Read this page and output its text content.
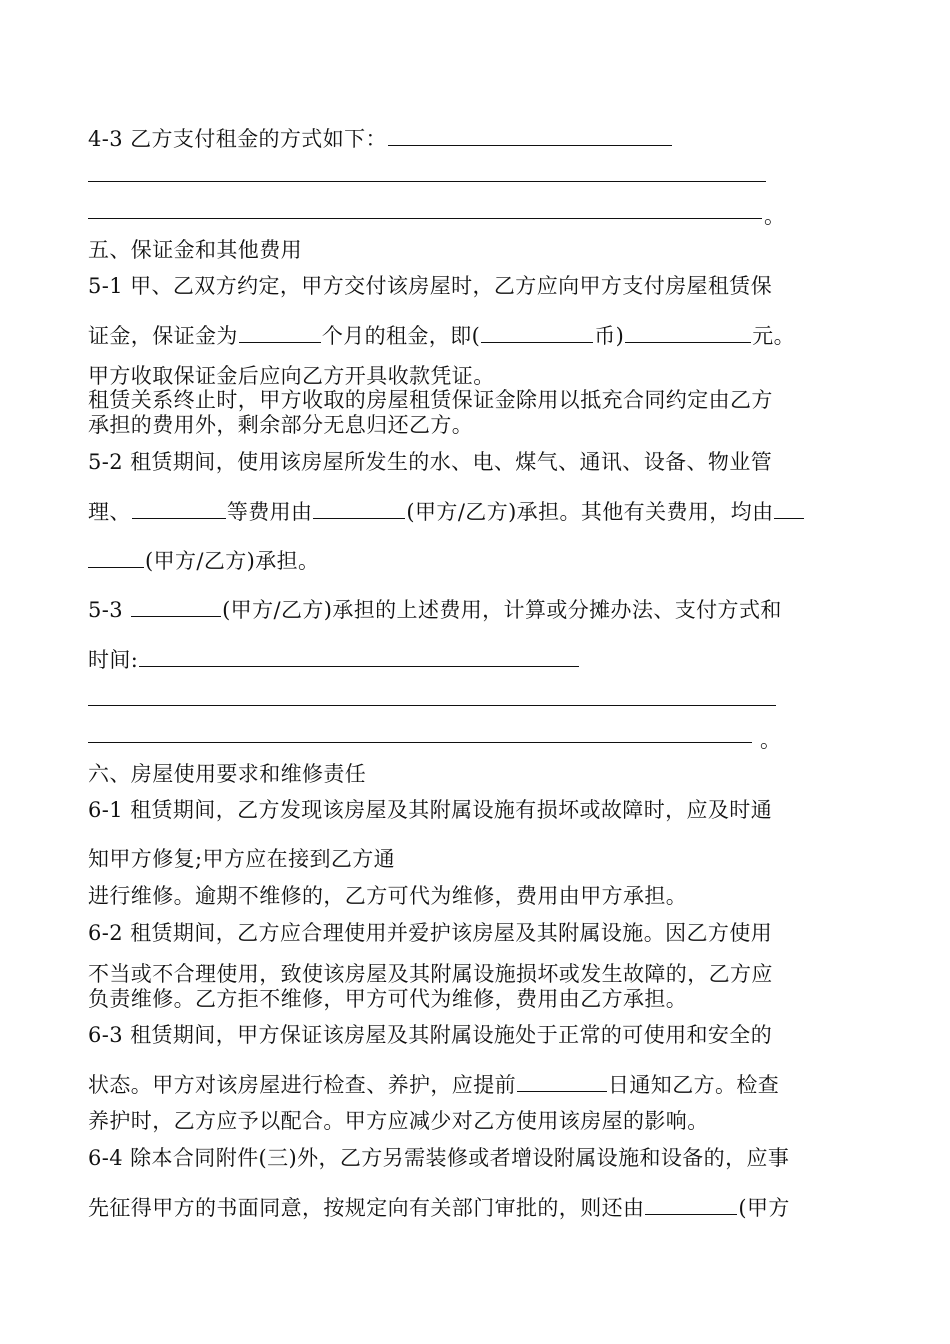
4-3 乙方支付租金的方式如下：
。
五、保证金和其他费用
5-1 甲、乙双方约定，甲方交付该房屋时，乙方应向甲方支付房屋租赁保
证金，保证金为	个月的租金，即(	币)	元。
甲方收取保证金后应向乙方开具收款凭证。
租赁关系终止时，甲方收取的房屋租赁保证金除用以抵充合同约定由乙方
承担的费用外，剩余部分无息归还乙方。
5-2 租赁期间，使用该房屋所发生的水、电、煤气、通讯、设备、物业管
理、	等费用由	(甲方/乙方)承担。其他有关费用，均由
(甲方/乙方)承担。
5-3	(甲方/乙方)承担的上述费用，计算或分摊办法、支付方式和
时间:
。
六、房屋使用要求和维修责任
6-1 租赁期间，乙方发现该房屋及其附属设施有损坏或故障时，应及时通
知甲方修复;甲方应在接到乙方通
进行维修。逾期不维修的，乙方可代为维修，费用由甲方承担。
6-2 租赁期间，乙方应合理使用并爱护该房屋及其附属设施。因乙方使用
不当或不合理使用，致使该房屋及其附属设施损坏或发生故障的，乙方应
负责维修。乙方拒不维修，甲方可代为维修，费用由乙方承担。
6-3 租赁期间，甲方保证该房屋及其附属设施处于正常的可使用和安全的
状态。甲方对该房屋进行检查、养护，应提前	日通知乙方。检查
养护时，乙方应予以配合。甲方应减少对乙方使用该房屋的影响。
6-4 除本合同附件(三)外，乙方另需装修或者增设附属设施和设备的，应事
先征得甲方的书面同意，按规定向有关部门审批的，则还由	(甲方
